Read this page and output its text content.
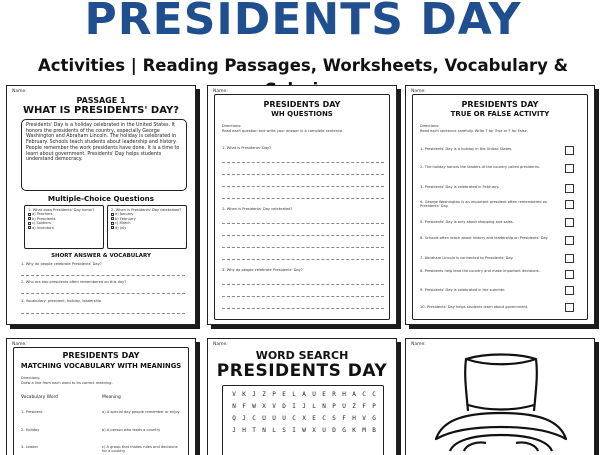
PRESIDENTS DAY
Activities | Reading Passages, Worksheets, Vocabulary &
Name:
PASSAGE 1
WHAT IS PRESIDENTS' DAY?
Presidents' Day is a holiday celebrated in the United States. It honors the presidents of the country, especially George Washington and Abraham Lincoln. The holiday is celebrated in February. Schools teach students about leadership and history. People remember the work presidents have done. It is a time to learn about government. Presidents' Day helps students understand democracy.
Multiple-Choice Questions
1- What does Presidents' Day honor?
a) Teachers
b) Presidents
c) Soldiers
d) Inventors
2- When is Presidents' Day celebrated?
a) January
b) February
c) March
d) July
SHORT ANSWER & VOCABULARY
1- Why do people celebrate Presidents' Day?
2- Who are two presidents often remembered on this day?
3- Vocabulary: president, holiday, leadership
Name:
PRESIDENTS DAY
WH QUESTIONS
Directions:
Read each question and write your answer in a complete sentence.
1- What is Presidents' Day?
2- When is Presidents' Day celebrated?
3- Why do people celebrate Presidents' Day?
Name:
PRESIDENTS DAY
TRUE OR FALSE ACTIVITY
Directions:
Read each sentence carefully. Write T for True or F for False.
1- Presidents' Day is a holiday in the United States.
2- The holiday honors the leaders of the country called presidents.
3- Presidents' Day is celebrated in February.
4- George Washington is an important president often remembered on Presidents' Day.
5- Presidents' Day is only about shopping and sales.
6- Schools often teach about history and leadership on Presidents' Day.
7- Abraham Lincoln is connected to Presidents' Day.
8- Presidents help lead the country and make important decisions.
9- Presidents' Day is celebrated in the summer.
10- Presidents' Day helps students learn about government.
Name:
PRESIDENTS DAY
MATCHING VOCABULARY WITH MEANINGS
Directions:
Draw a line from each word to its correct meaning.
Vocabulary Word	Meaning
1- President	a) A special day people remember or enjoy
2- Holiday	b) A person who leads a country
3- Leader	c) A group that makes rules and decisions for a country
Name:
WORD SEARCH
PRESIDENTS DAY
V	K	J	Z	P	E	L	A	U	E	R	H	A	C	C
N	F	W	X	V	D	I	J	L	N	P	U	Z	F	P
Q	J	C	U	U	U	C	X	E	C	S	F	H	V	G
J	H	T	N	L	S	I	W	X	U	D	G	K	M	B
Name:
